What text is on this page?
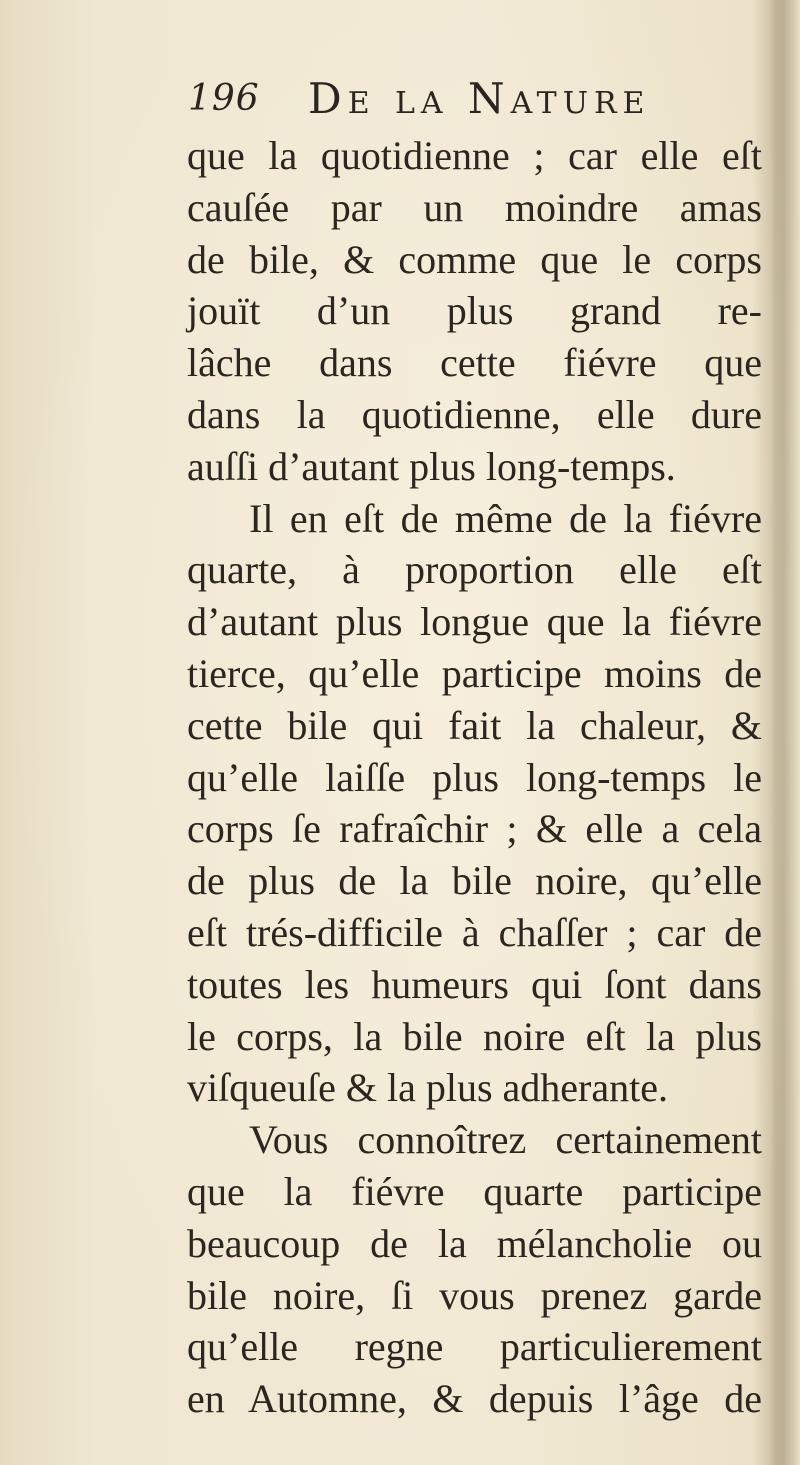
196 DE LA NATURE
que la quotidienne ; car elle eſt
cauſée par un moindre amas
de bile, & comme que le corps
jouït d’un plus grand re-
lâche dans cette fiévre que
dans la quotidienne, elle dure
auſſi d’autant plus long-temps.
Il en eſt de même de la fiévre
quarte, à proportion elle eſt
d’autant plus longue que la fiévre
tierce, qu’elle participe moins de
cette bile qui fait la chaleur, &
qu’elle laiſſe plus long-temps le
corps ſe rafraîchir ; & elle a cela
de plus de la bile noire, qu’elle
eſt trés-difficile à chaſſer ; car de
toutes les humeurs qui ſont dans
le corps, la bile noire eſt la plus
viſqueuſe & la plus adherante.
Vous connoîtrez certainement
que la fiévre quarte participe
beaucoup de la mélancholie ou
bile noire, ſi vous prenez garde
qu’elle regne particulierement
en Automne, & depuis l’âge de
